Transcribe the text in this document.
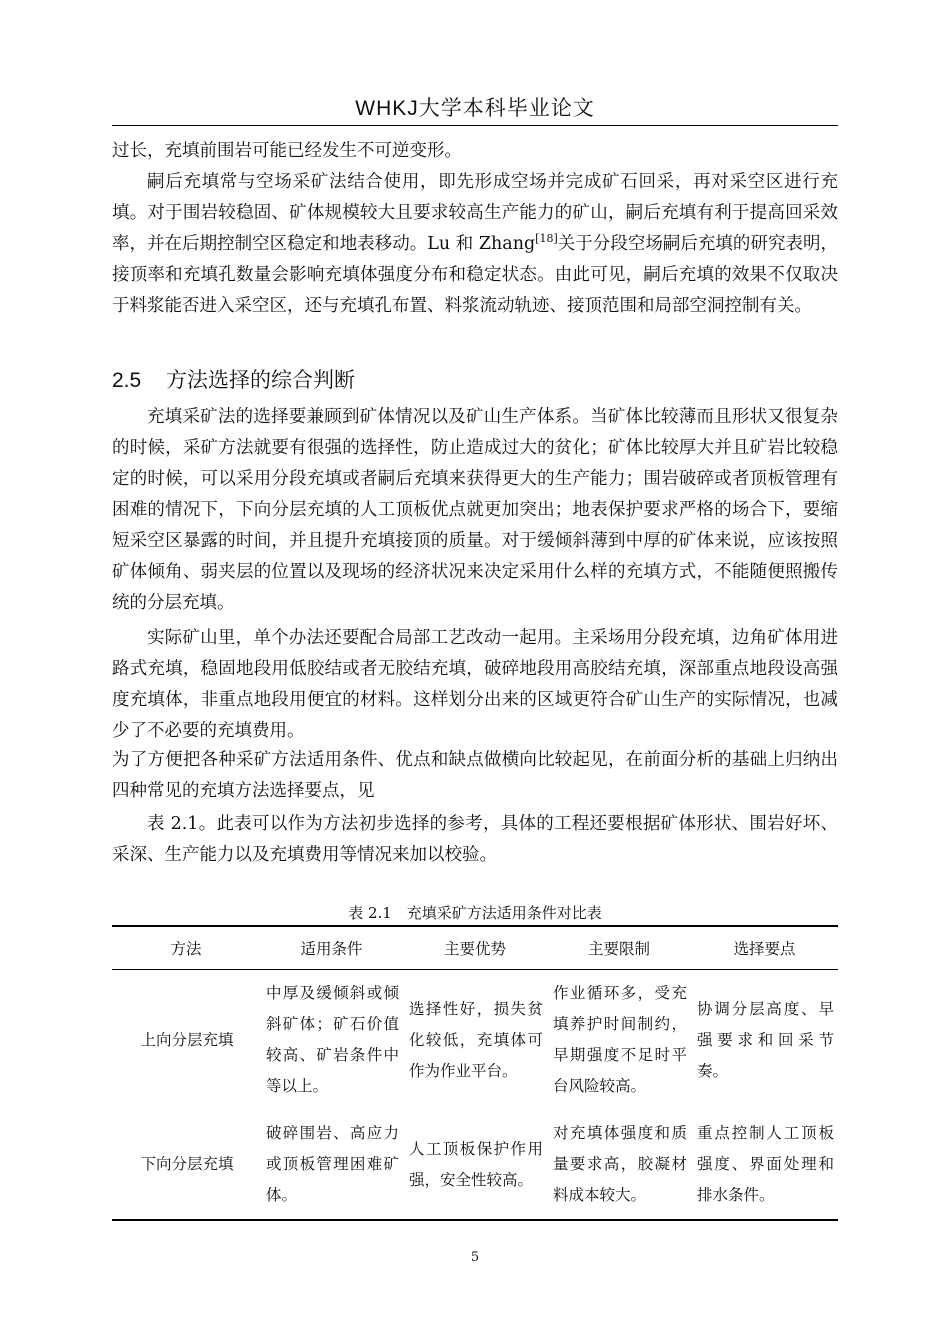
WHKJ大学本科毕业论文

过长，充填前围岩可能已经发生不可逆变形。

嗣后充填常与空场采矿法结合使用，即先形成空场并完成矿石回采，再对采空区进行充填。对于围岩较稳固、矿体规模较大且要求较高生产能力的矿山，嗣后充填有利于提高回采效率，并在后期控制空区稳定和地表移动。Lu 和 Zhang[18]关于分段空场嗣后充填的研究表明，接顶率和充填孔数量会影响充填体强度分布和稳定状态。由此可见，嗣后充填的效果不仅取决于料浆能否进入采空区，还与充填孔布置、料浆流动轨迹、接顶范围和局部空洞控制有关。

2.5 方法选择的综合判断

充填采矿法的选择要兼顾到矿体情况以及矿山生产体系。当矿体比较薄而且形状又很复杂的时候，采矿方法就要有很强的选择性，防止造成过大的贫化；矿体比较厚大并且矿岩比较稳定的时候，可以采用分段充填或者嗣后充填来获得更大的生产能力；围岩破碎或者顶板管理有困难的情况下，下向分层充填的人工顶板优点就更加突出；地表保护要求严格的场合下，要缩短采空区暴露的时间，并且提升充填接顶的质量。对于缓倾斜薄到中厚的矿体来说，应该按照矿体倾角、弱夹层的位置以及现场的经济状况来决定采用什么样的充填方式，不能随便照搬传统的分层充填。

实际矿山里，单个办法还要配合局部工艺改动一起用。主采场用分段充填，边角矿体用进路式充填，稳固地段用低胶结或者无胶结充填，破碎地段用高胶结充填，深部重点地段设高强度充填体，非重点地段用便宜的材料。这样划分出来的区域更符合矿山生产的实际情况，也减少了不必要的充填费用。

为了方便把各种采矿方法适用条件、优点和缺点做横向比较起见，在前面分析的基础上归纳出四种常见的充填方法选择要点，见

表 2.1。此表可以作为方法初步选择的参考，具体的工程还要根据矿体形状、围岩好坏、采深、生产能力以及充填费用等情况来加以校验。

表 2.1　充填采矿方法适用条件对比表
方法	适用条件	主要优势	主要限制	选择要点
上向分层充填	中厚及缓倾斜或倾斜矿体；矿石价值较高、矿岩条件中等以上。	选择性好，损失贫化较低，充填体可作为作业平台。	作业循环多，受充填养护时间制约，早期强度不足时平台风险较高。	协调分层高度、早强要求和回采节奏。
下向分层充填	破碎围岩、高应力或顶板管理困难矿体。	人工顶板保护作用强，安全性较高。	对充填体强度和质量要求高，胶凝材料成本较大。	重点控制人工顶板强度、界面处理和排水条件。
5
